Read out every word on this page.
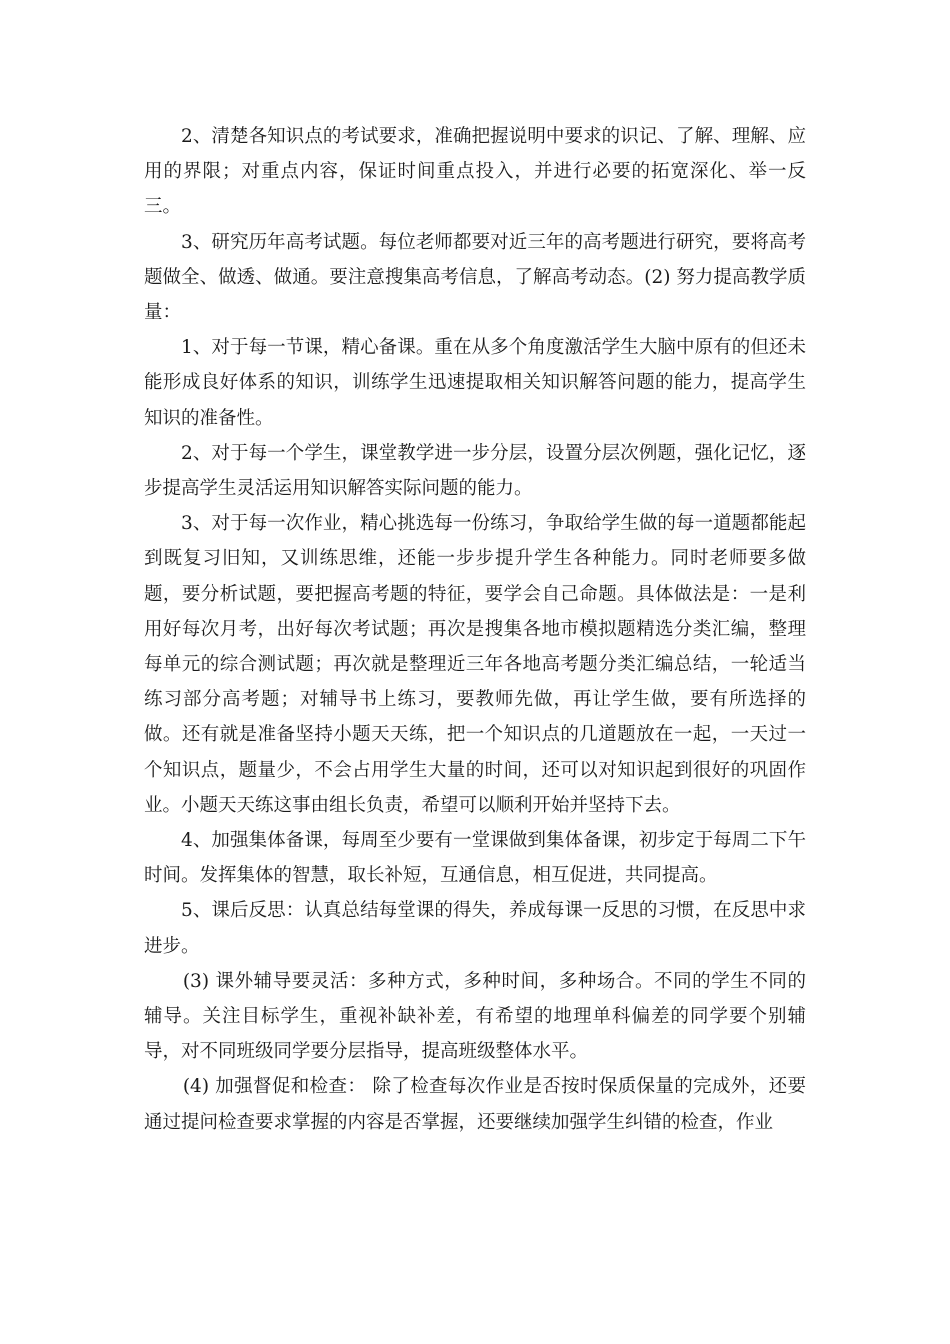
2、清楚各知识点的考试要求，准确把握说明中要求的识记、了解、理解、应用的界限；对重点内容，保证时间重点投入，并进行必要的拓宽深化、举一反三。

3、研究历年高考试题。每位老师都要对近三年的高考题进行研究，要将高考题做全、做透、做通。要注意搜集高考信息，了解高考动态。(2) 努力提高教学质量：

1、对于每一节课，精心备课。重在从多个角度激活学生大脑中原有的但还未能形成良好体系的知识，训练学生迅速提取相关知识解答问题的能力，提高学生知识的准备性。

2、对于每一个学生，课堂教学进一步分层，设置分层次例题，强化记忆，逐步提高学生灵活运用知识解答实际问题的能力。

3、对于每一次作业，精心挑选每一份练习，争取给学生做的每一道题都能起到既复习旧知，又训练思维，还能一步步提升学生各种能力。同时老师要多做题，要分析试题，要把握高考题的特征，要学会自己命题。具体做法是：一是利用好每次月考，出好每次考试题；再次是搜集各地市模拟题精选分类汇编，整理每单元的综合测试题；再次就是整理近三年各地高考题分类汇编总结，一轮适当练习部分高考题；对辅导书上练习，要教师先做，再让学生做，要有所选择的做。还有就是准备坚持小题天天练，把一个知识点的几道题放在一起，一天过一个知识点，题量少，不会占用学生大量的时间，还可以对知识起到很好的巩固作业。小题天天练这事由组长负责，希望可以顺利开始并坚持下去。

4、加强集体备课，每周至少要有一堂课做到集体备课，初步定于每周二下午时间。发挥集体的智慧，取长补短，互通信息，相互促进，共同提高。

5、课后反思：认真总结每堂课的得失，养成每课一反思的习惯，在反思中求进步。

(3) 课外辅导要灵活：多种方式，多种时间，多种场合。不同的学生不同的辅导。关注目标学生，重视补缺补差，有希望的地理单科偏差的同学要个别辅导，对不同班级同学要分层指导，提高班级整体水平。

(4) 加强督促和检查： 除了检查每次作业是否按时保质保量的完成外，还要通过提问检查要求掌握的内容是否掌握，还要继续加强学生纠错的检查，作业
